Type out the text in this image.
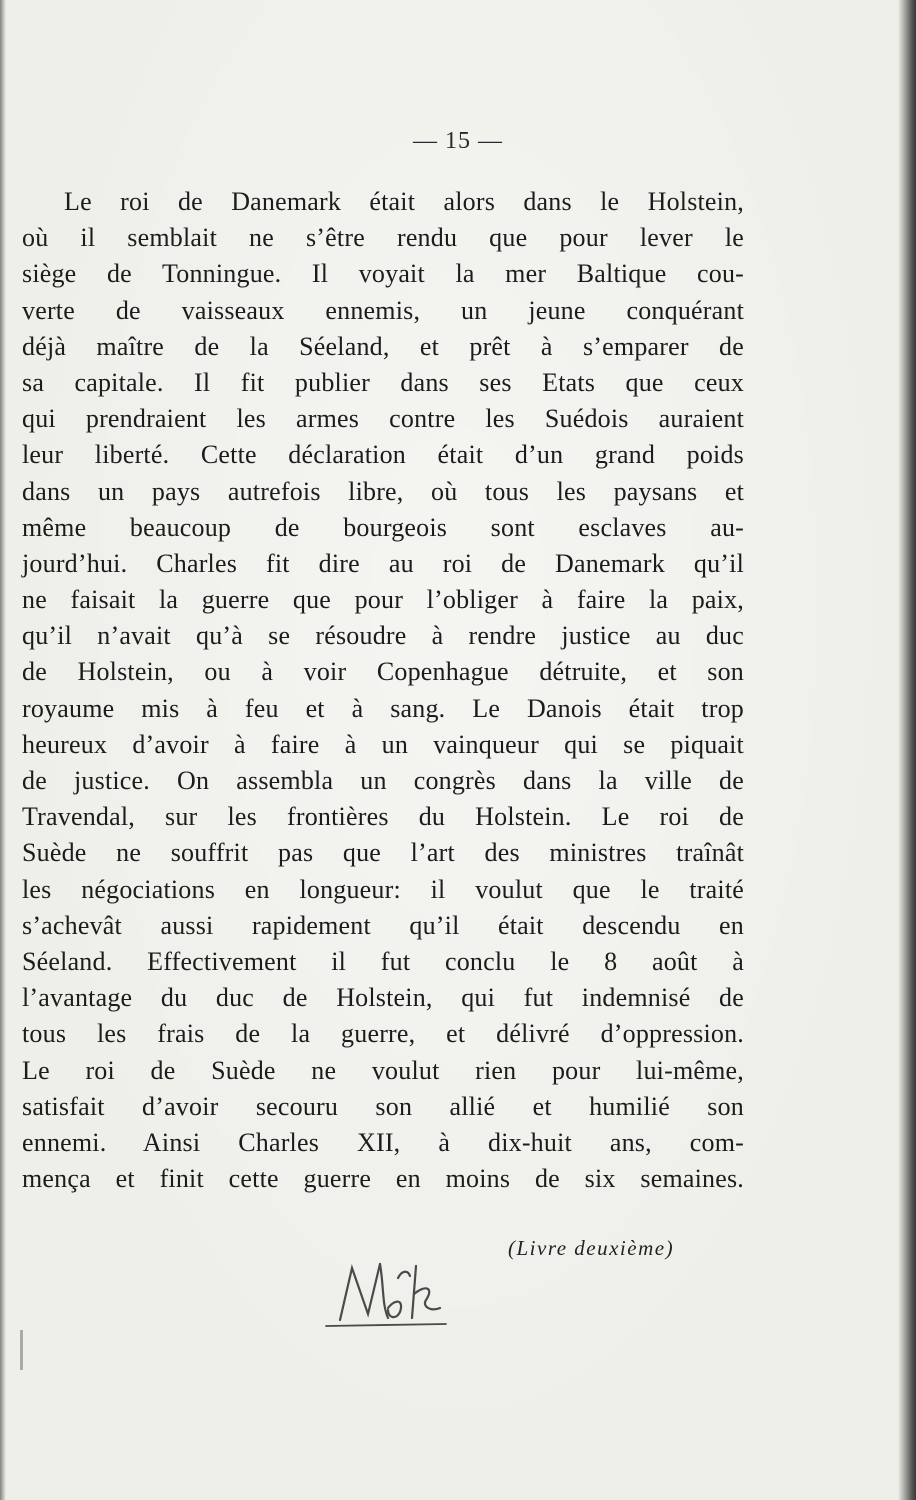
— 15 —
Le roi de Danemark était alors dans le Holstein,
où il semblait ne s’être rendu que pour lever le
siège de Tonningue. Il voyait la mer Baltique cou-
verte de vaisseaux ennemis, un jeune conquérant
déjà maître de la Séeland, et prêt à s’emparer de
sa capitale. Il fit publier dans ses Etats que ceux
qui prendraient les armes contre les Suédois auraient
leur liberté. Cette déclaration était d’un grand poids
dans un pays autrefois libre, où tous les paysans et
même beaucoup de bourgeois sont esclaves au-
jourd’hui. Charles fit dire au roi de Danemark qu’il
ne faisait la guerre que pour l’obliger à faire la paix,
qu’il n’avait qu’à se résoudre à rendre justice au duc
de Holstein, ou à voir Copenhague détruite, et son
royaume mis à feu et à sang. Le Danois était trop
heureux d’avoir à faire à un vainqueur qui se piquait
de justice. On assembla un congrès dans la ville de
Travendal, sur les frontières du Holstein. Le roi de
Suède ne souffrit pas que l’art des ministres traînât
les négociations en longueur: il voulut que le traité
s’achevât aussi rapidement qu’il était descendu en
Séeland. Effectivement il fut conclu le 8 août à
l’avantage du duc de Holstein, qui fut indemnisé de
tous les frais de la guerre, et délivré d’oppression.
Le roi de Suède ne voulut rien pour lui-même,
satisfait d’avoir secouru son allié et humilié son
ennemi. Ainsi Charles XII, à dix-huit ans, com-
mença et finit cette guerre en moins de six semaines.
(Livre deuxième)
